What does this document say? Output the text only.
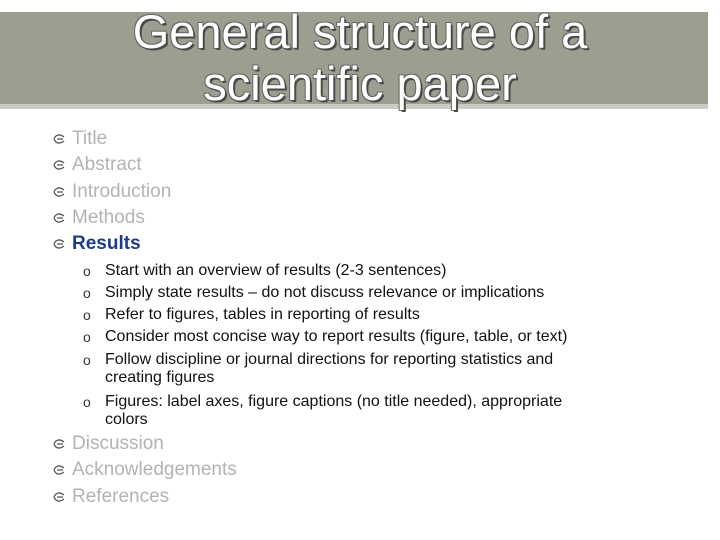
General structure of a
scientific paper
Title
Abstract
Introduction
Methods
Results
o Start with an overview of results (2-3 sentences)
o Simply state results – do not discuss relevance or implications
o Refer to figures, tables in reporting of results
o Consider most concise way to report results (figure, table, or text)
o Follow discipline or journal directions for reporting statistics and
creating figures
o Figures: label axes, figure captions (no title needed), appropriate
colors
Discussion
Acknowledgements
References
